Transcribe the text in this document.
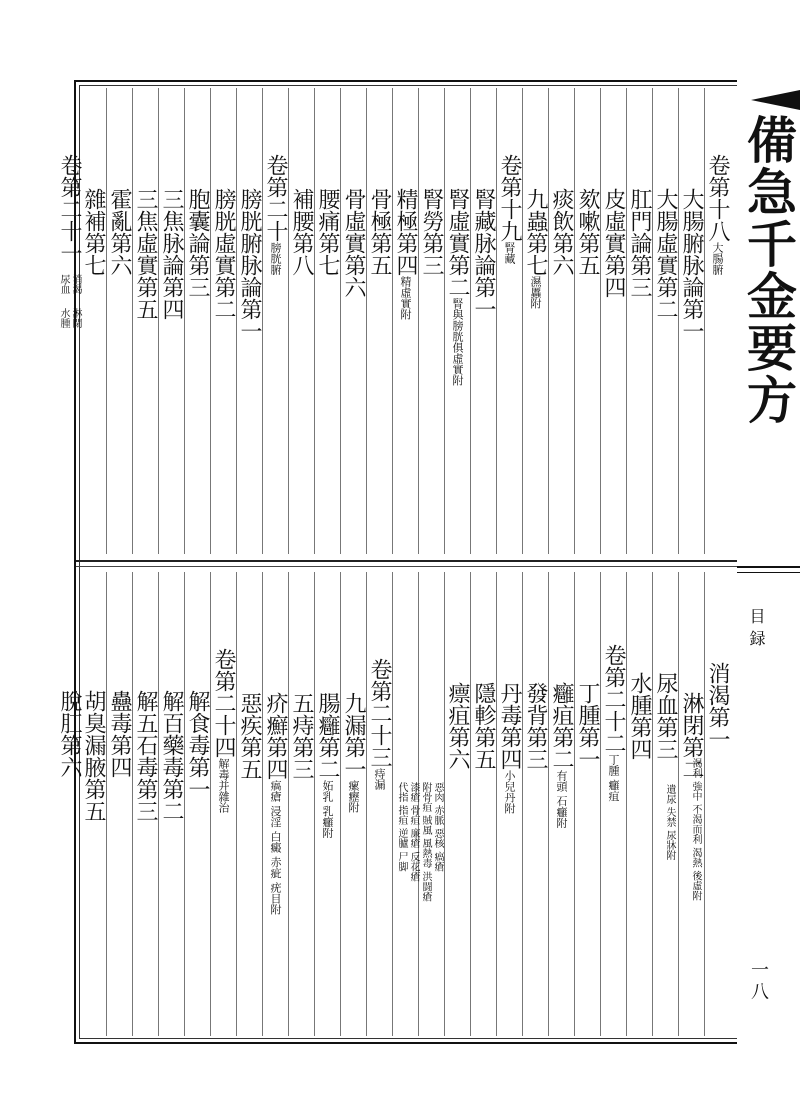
備急千金要方
目録
一八
卷第十八大腸腑
大腸腑脉論第一
大腸虛實第二
肛門論第三
皮虛實第四
欬嗽第五
痰飲第六
九蟲第七濕䘌附
卷第十九腎藏
腎藏脉論第一
腎虛實第二腎與膀胱俱虛實附
腎勞第三
精極第四精虛實附
骨極第五
骨虛實第六
腰痛第七
補腰第八
卷第二十膀胱腑
膀胱腑脉論第一
膀胱虛實第二
胞囊論第三
三焦脉論第四
三焦虛實第五
霍亂第六
雜補第七
卷第二十一
消渴
尿血
淋閉
水腫
消渴第一
渴利 強中 不渴而利 渴熱 後虛附
淋閉第二
遺尿 失禁 尿牀附
尿血第三
水腫第四
卷第二十二丁腫 癰疽
丁腫第一
癰疽第二有頭 石癰附
發背第三
丹毒第四小兒丹附
隱軫第五
瘭疽第六
惡肉 赤脈 惡核 瘑瘡
附骨疽 賊風 風熱毒 洪闘瘡
漆瘡 骨疽 廉瘡 反花瘡
代指 指疽 逆臚 尸脚
卷第二十三痔漏
九漏第一瘰癧附
腸癰第二妬乳 乳癰附
五痔第三
疥癬第四瘑瘡 浸淫 白癜 赤疵 疣目附
惡疾第五
卷第二十四解毒并雜治
解食毒第一
解百藥毒第二
解五石毒第三
蠱毒第四
胡臭漏腋第五
脫肛第六
